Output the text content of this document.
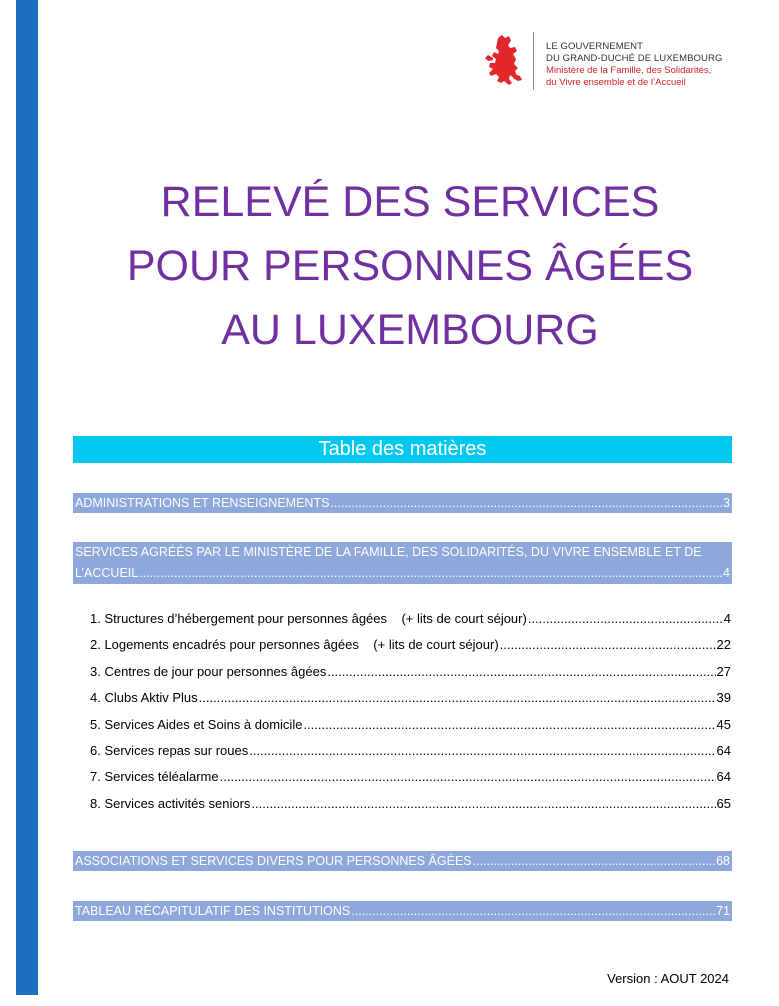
LE GOUVERNEMENT
DU GRAND-DUCHÉ DE LUXEMBOURG
Ministère de la Famille, des Solidarités,
du Vivre ensemble et de l’Accueil
RELEVÉ DES SERVICES
POUR PERSONNES ÂGÉES
AU LUXEMBOURG
Table des matières
ADMINISTRATIONS ET RENSEIGNEMENTS .....	3
SERVICES AGRÉÉS PAR LE MINISTÈRE DE LA FAMILLE, DES SOLIDARITÉS, DU VIVRE ENSEMBLE ET DE
L’ACCUEIL .....	4
1. Structures d’hébergement pour personnes âgées    (+ lits de court séjour) .....	4
2. Logements encadrés pour personnes âgées    (+ lits de court séjour) .....	22
3. Centres de jour pour personnes âgées .....	27
4. Clubs Aktiv Plus .....	39
5. Services Aides et Soins à domicile .....	45
6. Services repas sur roues .....	64
7. Services téléalarme .....	64
8. Services activités seniors .....	65
ASSOCIATIONS ET SERVICES DIVERS POUR PERSONNES ÂGÉES .....	68
TABLEAU RÉCAPITULATIF DES INSTITUTIONS .....	71
Version : AOUT 2024
